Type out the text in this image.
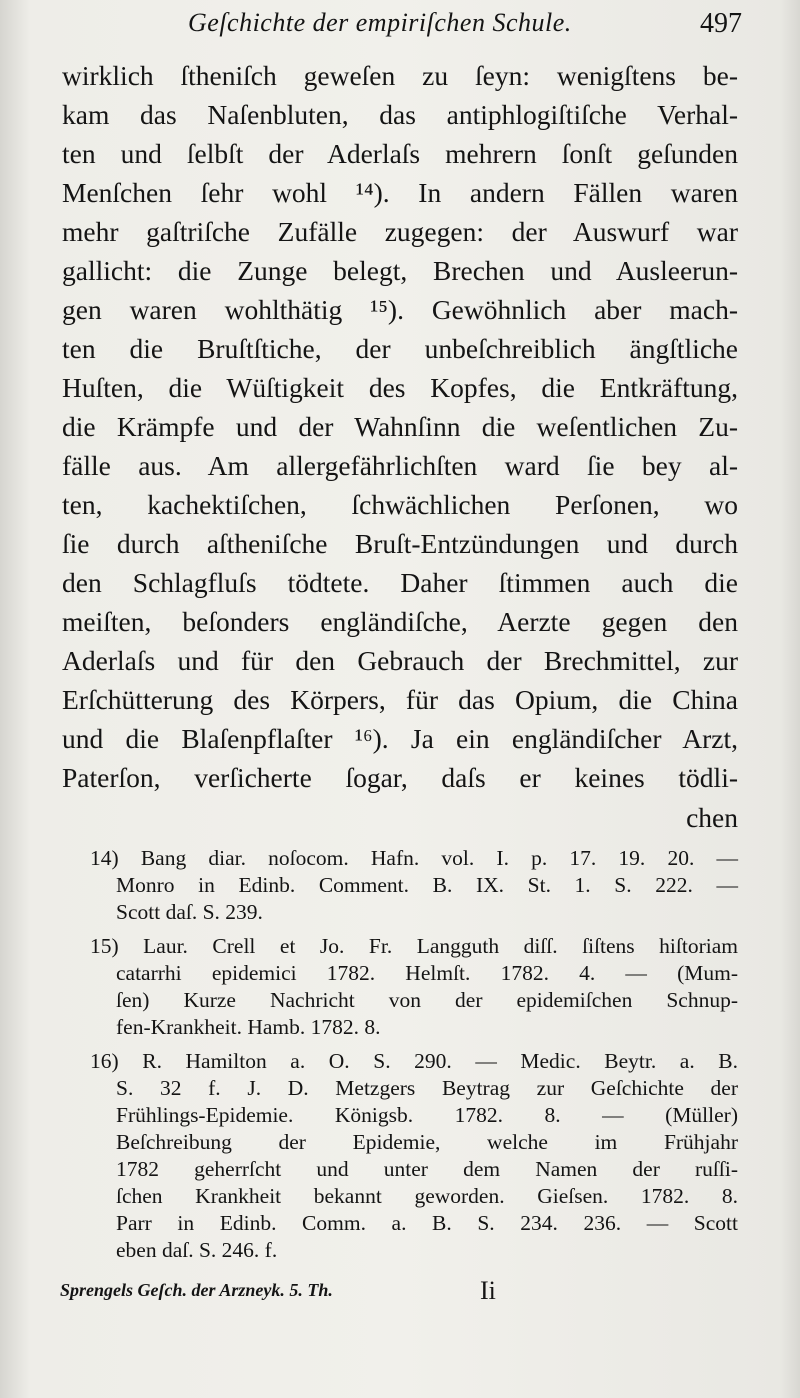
Geſchichte der empiriſchen Schule.	497
wirklich ſtheniſch geweſen zu ſeyn: wenigſtens be-
kam das Naſenbluten, das antiphlogiſtiſche Verhal-
ten und ſelbſt der Aderlaſs mehrern ſonſt geſunden
Menſchen ſehr wohl ¹⁴). In andern Fällen waren
mehr gaſtriſche Zufälle zugegen: der Auswurf war
gallicht: die Zunge belegt, Brechen und Ausleerun-
gen waren wohlthätig ¹⁵). Gewöhnlich aber mach-
ten die Bruſtſtiche, der unbeſchreiblich ängſtliche
Huſten, die Wüſtigkeit des Kopfes, die Entkräftung,
die Krämpfe und der Wahnſinn die weſentlichen Zu-
fälle aus. Am allergefährlichſten ward ſie bey al-
ten, kachektiſchen, ſchwächlichen Perſonen, wo
ſie durch aſtheniſche Bruſt-Entzündungen und durch
den Schlagfluſs tödtete. Daher ſtimmen auch die
meiſten, beſonders engländiſche, Aerzte gegen den
Aderlaſs und für den Gebrauch der Brechmittel, zur
Erſchütterung des Körpers, für das Opium, die China
und die Blaſenpflaſter ¹⁶). Ja ein engländiſcher Arzt,
Paterſon, verſicherte ſogar, daſs er keines tödli-
chen
14) Bang diar. noſocom. Hafn. vol. I. p. 17. 19. 20. —
Monro in Edinb. Comment. B. IX. St. 1. S. 222. —
Scott daſ. S. 239.
15) Laur. Crell et Jo. Fr. Langguth diſſ. ſiſtens hiſtoriam
catarrhi epidemici 1782. Helmſt. 1782. 4. — (Mum-
ſen) Kurze Nachricht von der epidemiſchen Schnup-
fen-Krankheit. Hamb. 1782. 8.
16) R. Hamilton a. O. S. 290. — Medic. Beytr. a. B.
S. 32 f. J. D. Metzgers Beytrag zur Geſchichte der
Frühlings-Epidemie. Königsb. 1782. 8. — (Müller)
Beſchreibung der Epidemie, welche im Frühjahr
1782 geherrſcht und unter dem Namen der ruſſi-
ſchen Krankheit bekannt geworden. Gieſsen. 1782. 8.
Parr in Edinb. Comm. a. B. S. 234. 236. — Scott
eben daſ. S. 246. f.
Sprengels Geſch. der Arzneyk. 5. Th.	Ii
